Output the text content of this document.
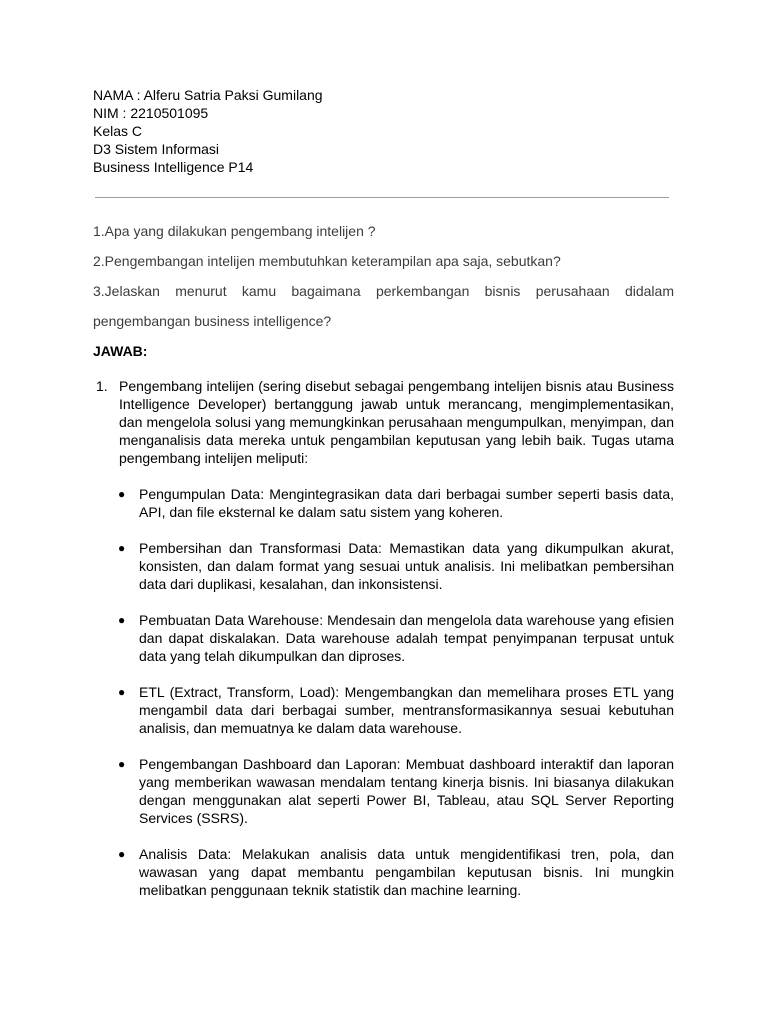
NAMA : Alferu Satria Paksi Gumilang

NIM : 2210501095

Kelas C

D3 Sistem Informasi

Business Intelligence P14

1.Apa yang dilakukan pengembang intelijen ?

2.Pengembangan intelijen membutuhkan keterampilan apa saja, sebutkan?

3.Jelaskan menurut kamu bagaimana perkembangan bisnis perusahaan didalam pengembangan business intelligence?

JAWAB:

1. Pengembang intelijen (sering disebut sebagai pengembang intelijen bisnis atau Business Intelligence Developer) bertanggung jawab untuk merancang, mengimplementasikan, dan mengelola solusi yang memungkinkan perusahaan mengumpulkan, menyimpan, dan menganalisis data mereka untuk pengambilan keputusan yang lebih baik. Tugas utama pengembang intelijen meliputi:

● Pengumpulan Data: Mengintegrasikan data dari berbagai sumber seperti basis data, API, dan file eksternal ke dalam satu sistem yang koheren.

● Pembersihan dan Transformasi Data: Memastikan data yang dikumpulkan akurat, konsisten, dan dalam format yang sesuai untuk analisis. Ini melibatkan pembersihan data dari duplikasi, kesalahan, dan inkonsistensi.

● Pembuatan Data Warehouse: Mendesain dan mengelola data warehouse yang efisien dan dapat diskalakan. Data warehouse adalah tempat penyimpanan terpusat untuk data yang telah dikumpulkan dan diproses.

● ETL (Extract, Transform, Load): Mengembangkan dan memelihara proses ETL yang mengambil data dari berbagai sumber, mentransformasikannya sesuai kebutuhan analisis, dan memuatnya ke dalam data warehouse.

● Pengembangan Dashboard dan Laporan: Membuat dashboard interaktif dan laporan yang memberikan wawasan mendalam tentang kinerja bisnis. Ini biasanya dilakukan dengan menggunakan alat seperti Power BI, Tableau, atau SQL Server Reporting Services (SSRS).

● Analisis Data: Melakukan analisis data untuk mengidentifikasi tren, pola, dan wawasan yang dapat membantu pengambilan keputusan bisnis. Ini mungkin melibatkan penggunaan teknik statistik dan machine learning.
